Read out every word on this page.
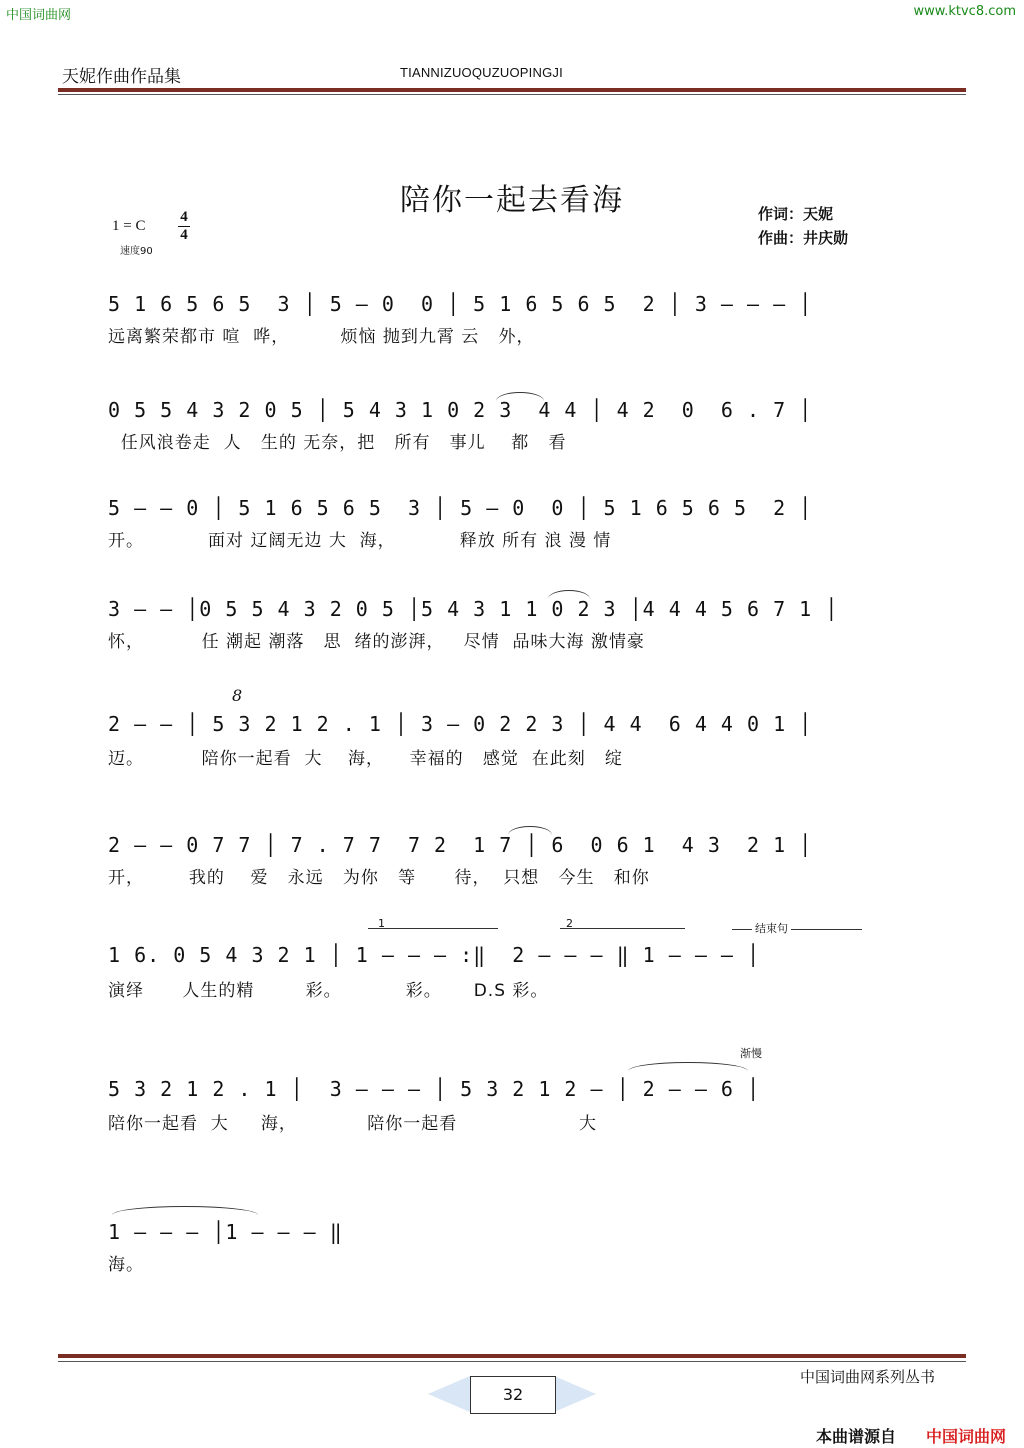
中国词曲网	www.ktvc8.com
天妮作曲作品集	TIANNIZUOQUZUOPINGJI
陪你一起去看海	作词：天妮
作曲：井庆勋
1 = C
4
4
速度90
5 1 6 5 6 5  3 │ 5 — 0  0 │ 5 1 6 5 6 5  2 │ 3 — — — │
远离繁荣都市 喧  哗，        烦恼 抛到九霄 云   外，
0 5 5 4 3 2 0 5 │ 5 4 3 1 0 2 3  4 4 │ 4 2  0  6 . 7 │
任风浪卷走  人   生的 无奈，把   所有   事儿    都   看
5 — — 0 │ 5 1 6 5 6 5  3 │ 5 — 0  0 │ 5 1 6 5 6 5  2 │
开。          面对 辽阔无边 大  海，          释放 所有 浪 漫 情
3 — — │0 5 5 4 3 2 0 5 │5 4 3 1 1 0 2 3 │4 4 4 5 6 7 1 │
怀，         任 潮起 潮落   思  绪的澎湃，   尽情  品味大海 激情豪
8
2 — — │ 5 3 2 1 2 . 1 │ 3 — 0 2 2 3 │ 4 4  6 4 4 0 1 │
迈。         陪你一起看  大    海，    幸福的   感觉  在此刻   绽
2 — — 0 7 7 │ 7 . 7 7  7 2  1 7 │ 6  0 6 1  4 3  2 1 │
开，       我的    爱   永远   为你   等      待，  只想   今生   和你
1	2	结束句
1 6. 0 5 4 3 2 1 │ 1 — — — :‖  2 — — — ‖ 1 — — — │
演绎      人生的精        彩。          彩。     D.S 彩。
渐慢
5 3 2 1 2 . 1 │  3 — — — │ 5 3 2 1 2 — │ 2 — — 6 │
陪你一起看  大     海，           陪你一起看                   大
1 — — — │1 — — — ‖
海。
中国词曲网系列丛书
32
本曲谱源自 中国词曲网
